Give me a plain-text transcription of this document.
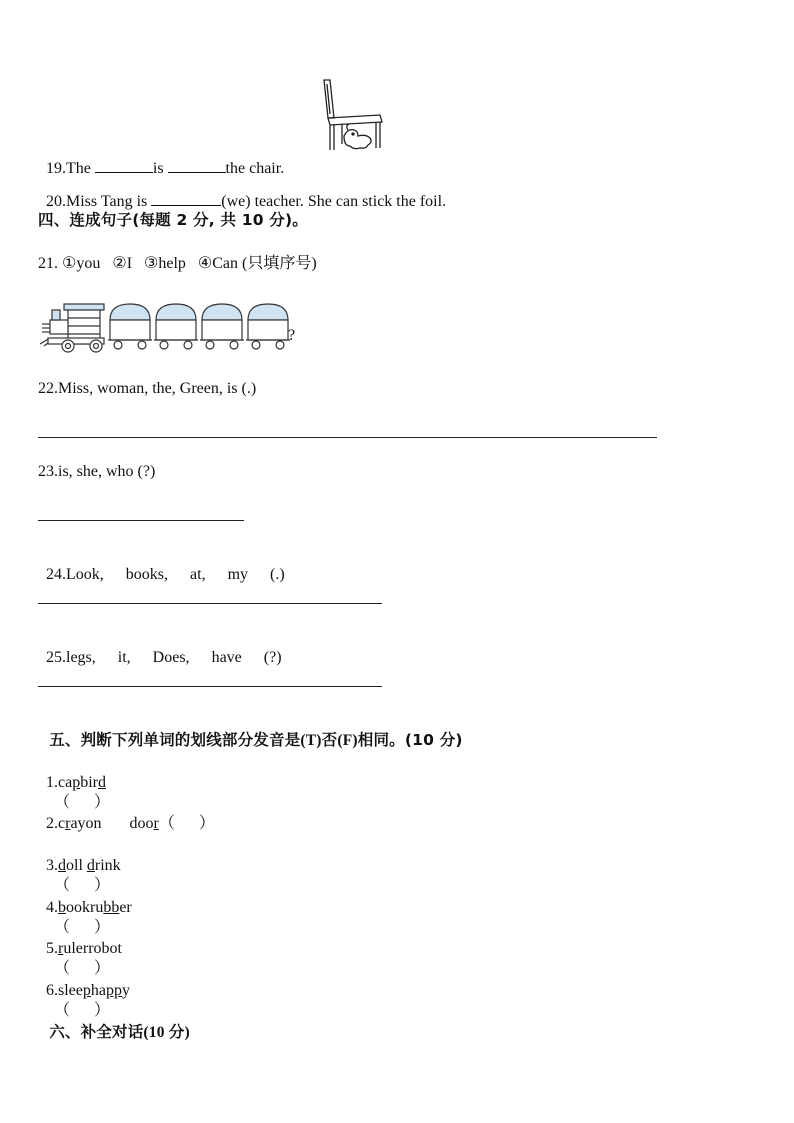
19.The	is	the chair.

20.Miss Tang is	(we) teacher. She can stick the foil.

四、连成句子(每题 2 分, 共 10 分)。
21. ①you   ②I   ③help   ④Can (只填序号)
?
22.Miss, woman, the, Green, is (.)
23.is, she, who (?)

24.Look, books, at, my (.)

25.legs, it, Does, have (?)

五、判断下列单词的划线部分发音是(T)否(F)相同。(10 分)

1.capbird
（      ）

2.crayon       door（      ）

3.doll drink
（      ）

4.bookrubber
（      ）

5.rulerrobot
（      ）

6.sleephappy
（      ）

六、补全对话(10 分)
